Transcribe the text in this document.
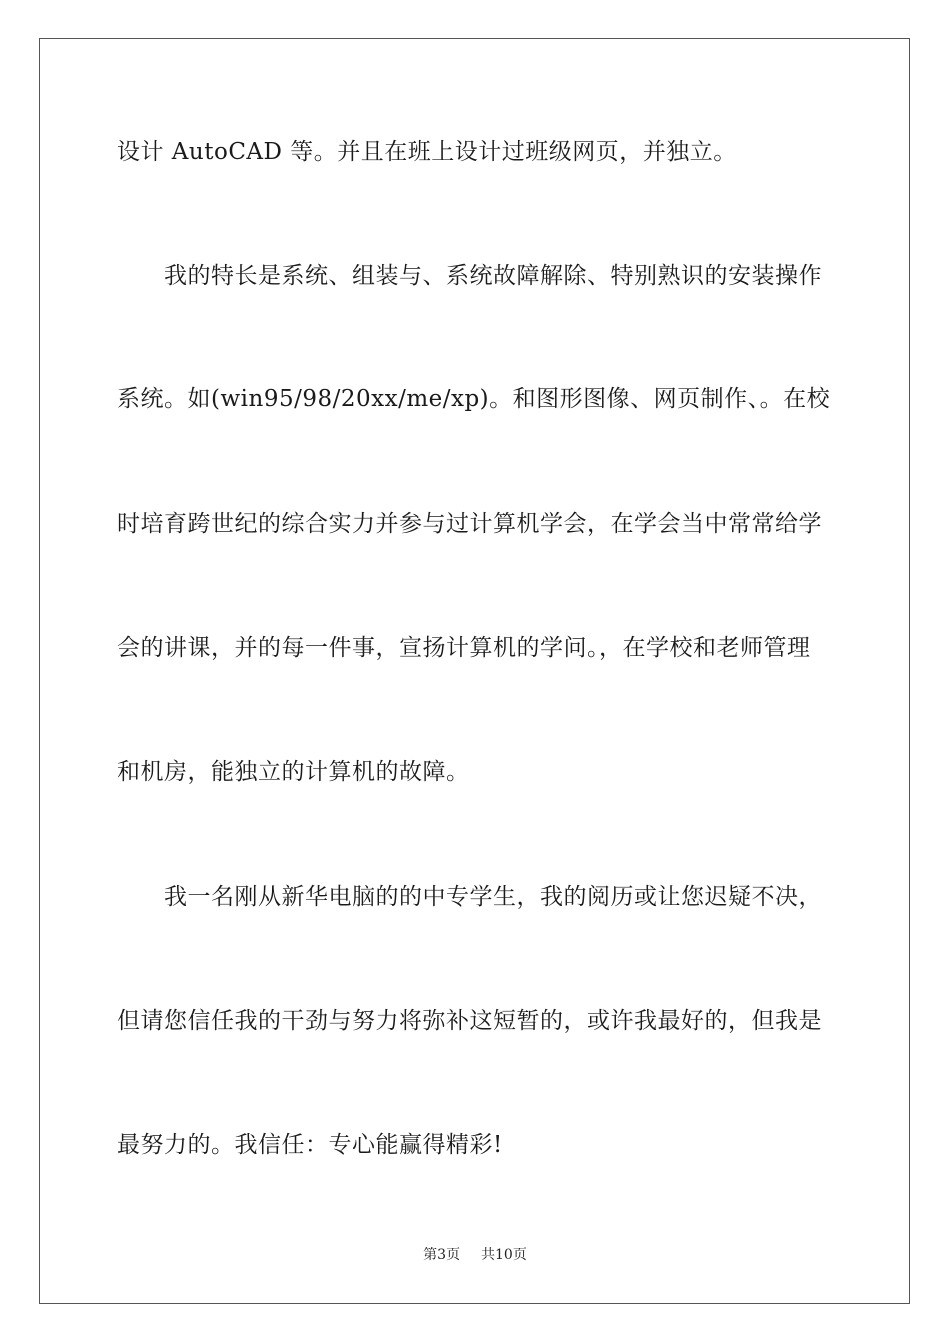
设计 AutoCAD 等。并且在班上设计过班级网页，并独立。
我的特长是系统、组装与、系统故障解除、特别熟识的安装操作
系统。如(win95/98/20xx/me/xp)。和图形图像、网页制作、。在校
时培育跨世纪的综合实力并参与过计算机学会，在学会当中常常给学
会的讲课，并的每一件事，宣扬计算机的学问。，在学校和老师管理
和机房，能独立的计算机的故障。
我一名刚从新华电脑的的中专学生，我的阅历或让您迟疑不决，
但请您信任我的干劲与努力将弥补这短暂的，或许我最好的，但我是
最努力的。我信任：专心能赢得精彩!
第3页 共10页
